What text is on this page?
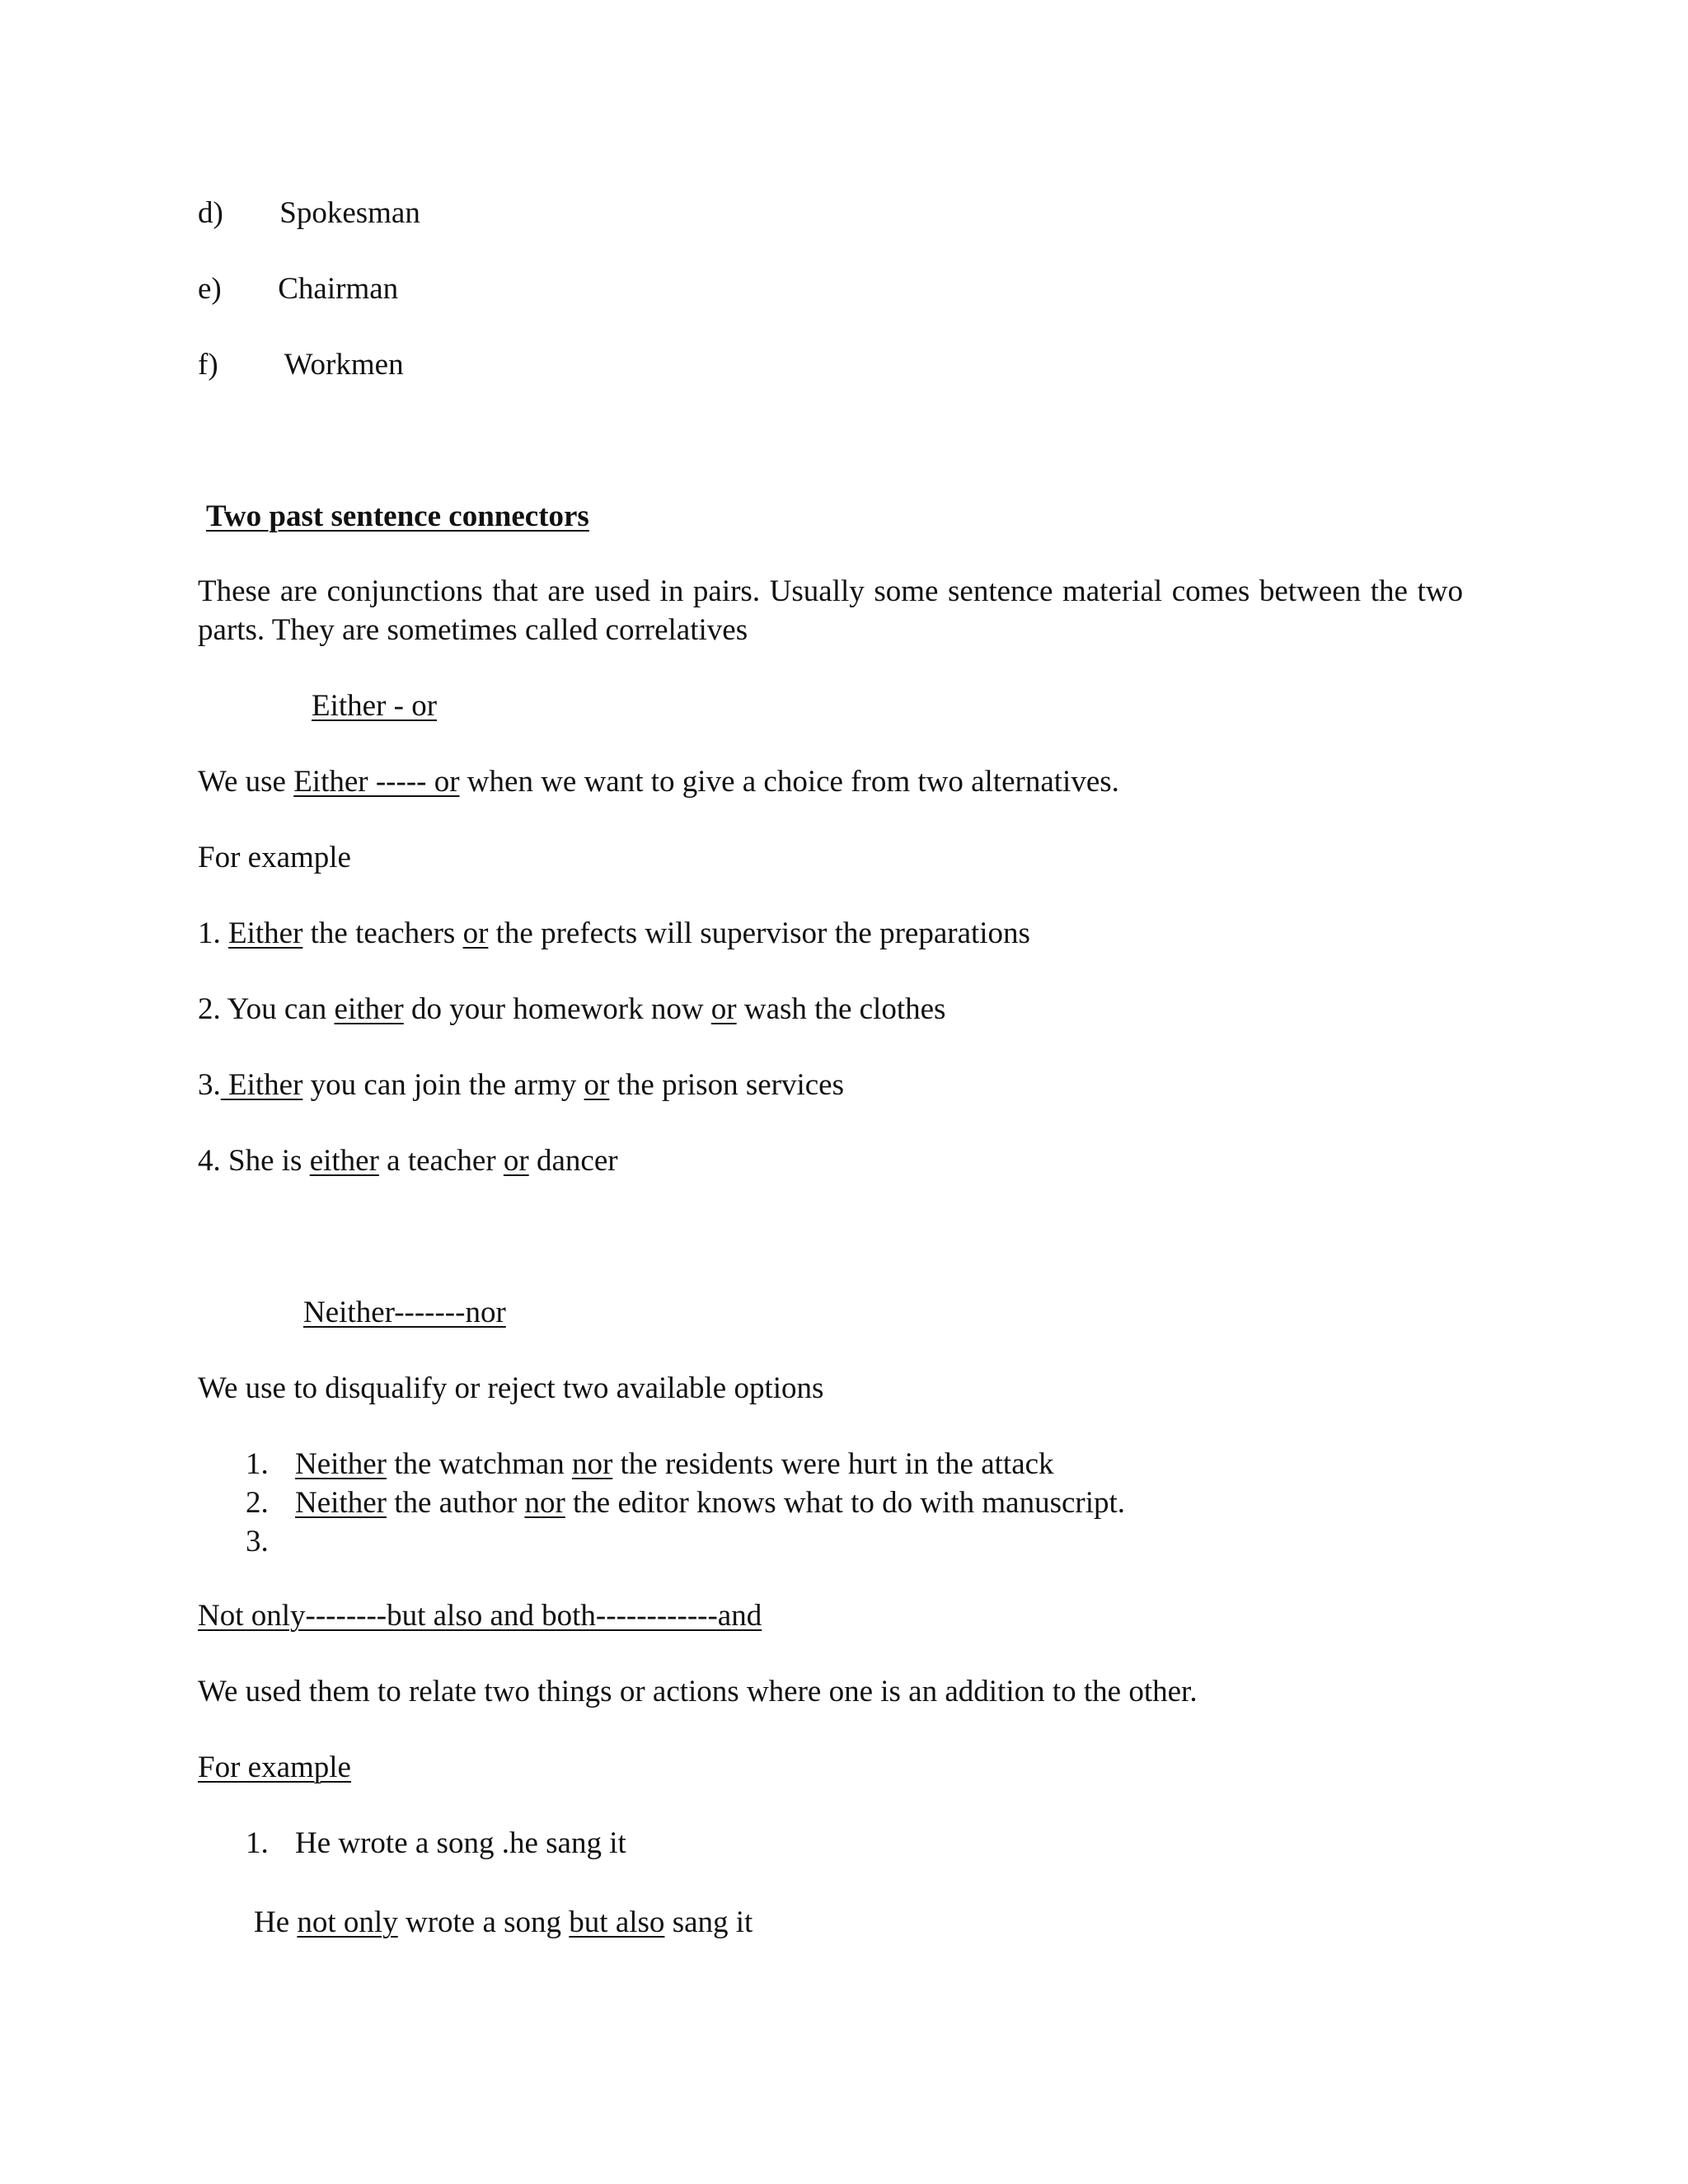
d) Spokesman
e) Chairman
f) Workmen
Two past sentence connectors
These are conjunctions that are used in pairs. Usually some sentence material comes between the two parts. They are sometimes called correlatives
Either - or
We use Either ----- or when we want to give a choice from two alternatives.
For example
1. Either the teachers or the prefects will supervisor the preparations
2. You can either do your homework now or wash the clothes
3. Either you can join the army or the prison services
4. She is either a teacher or dancer
Neither-------nor
We use to disqualify or reject two available options
1. Neither the watchman nor the residents were hurt in the attack
2. Neither the author nor the editor knows what to do with manuscript.
3.
Not only--------but also and both------------and
We used them to relate two things or actions where one is an addition to the other.
For example
1. He wrote a song .he sang it
He not only wrote a song but also sang it
